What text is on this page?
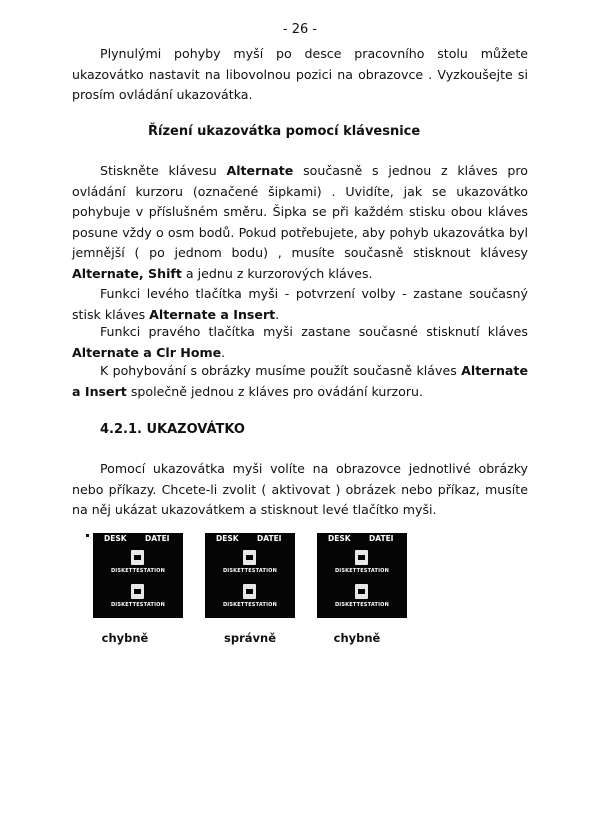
- 26 -

Plynulými pohyby myší po desce pracovního stolu můžete ukazovátko nastavit na libovolnou pozici na obrazovce . Vyzkoušejte si prosím ovládání ukazovátka.

Řízení ukazovátka pomocí klávesnice

Stiskněte klávesu Alternate současně s jednou z kláves pro ovládání kurzoru (označené šipkami) . Uvidíte, jak se ukazovátko pohybuje v příslušném směru. Šipka se při každém stisku obou kláves posune vždy o osm bodů. Pokud potřebujete, aby pohyb ukazovátka byl jemnější ( po jednom bodu) , musíte současně stisknout klávesy Alternate, Shift a jednu z kurzorových kláves.

Funkci levého tlačítka myši - potvrzení volby - zastane současný stisk kláves Alternate a Insert.

Funkci pravého tlačítka myši zastane současné stisknutí kláves Alternate a Clr Home.

K pohybování s obrázky musíme použít současně kláves Alternate a Insert společně jednou z kláves pro ovádání kurzoru.

4.2.1. UKAZOVÁTKO

Pomocí ukazovátka myši volíte na obrazovce jednotlivé obrázky nebo příkazy. Chcete-li zvolit ( aktivovat ) obrázek nebo příkaz, musíte na něj ukázat ukazovátkem a stisknout levé tlačítko myši.

DESK DATEI
DISKETTESTATION
DISKETTESTATION
chybně
DESK DATEI
DISKETTESTATION
DISKETTESTATION
správně
DESK DATEI
DISKETTESTATION
DISKETTESTATION
chybně
